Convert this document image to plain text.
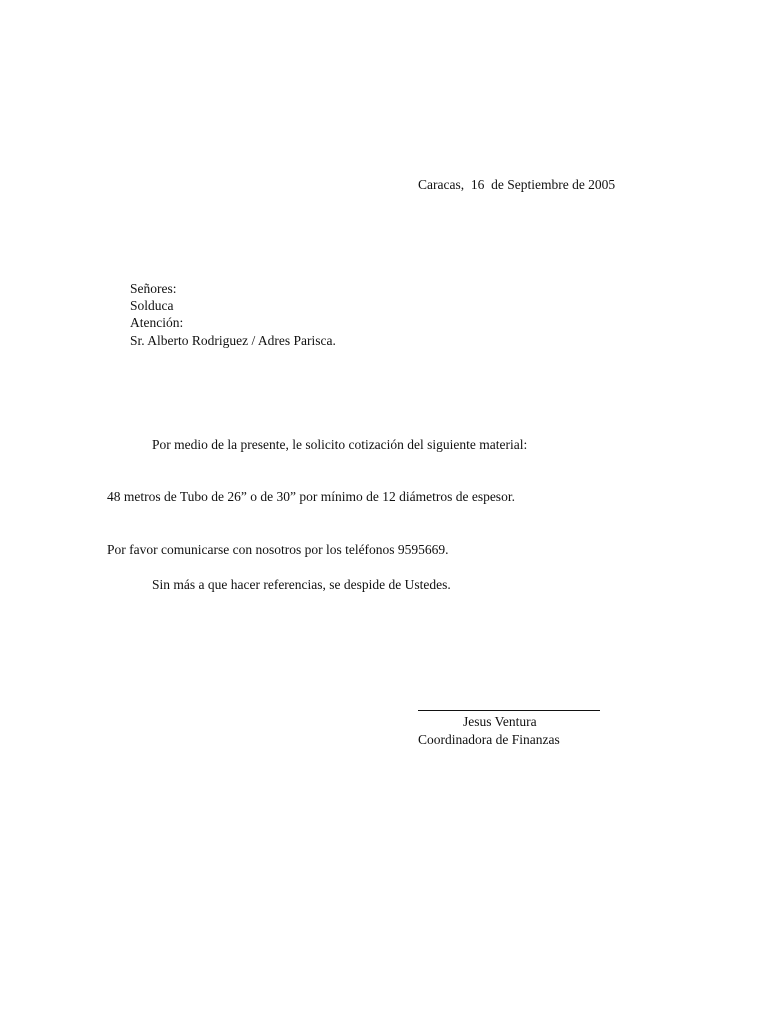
Caracas,  16  de Septiembre de 2005
Señores:
Solduca
Atención:
Sr. Alberto Rodriguez / Adres Parisca.
Por medio de la presente, le solicito cotización del siguiente material:
48 metros de Tubo de 26” o de 30” por mínimo de 12 diámetros de espesor.
Por favor comunicarse con nosotros por los teléfonos 9595669.
Sin más a que hacer referencias, se despide de Ustedes.
Jesus Ventura
Coordinadora de Finanzas
